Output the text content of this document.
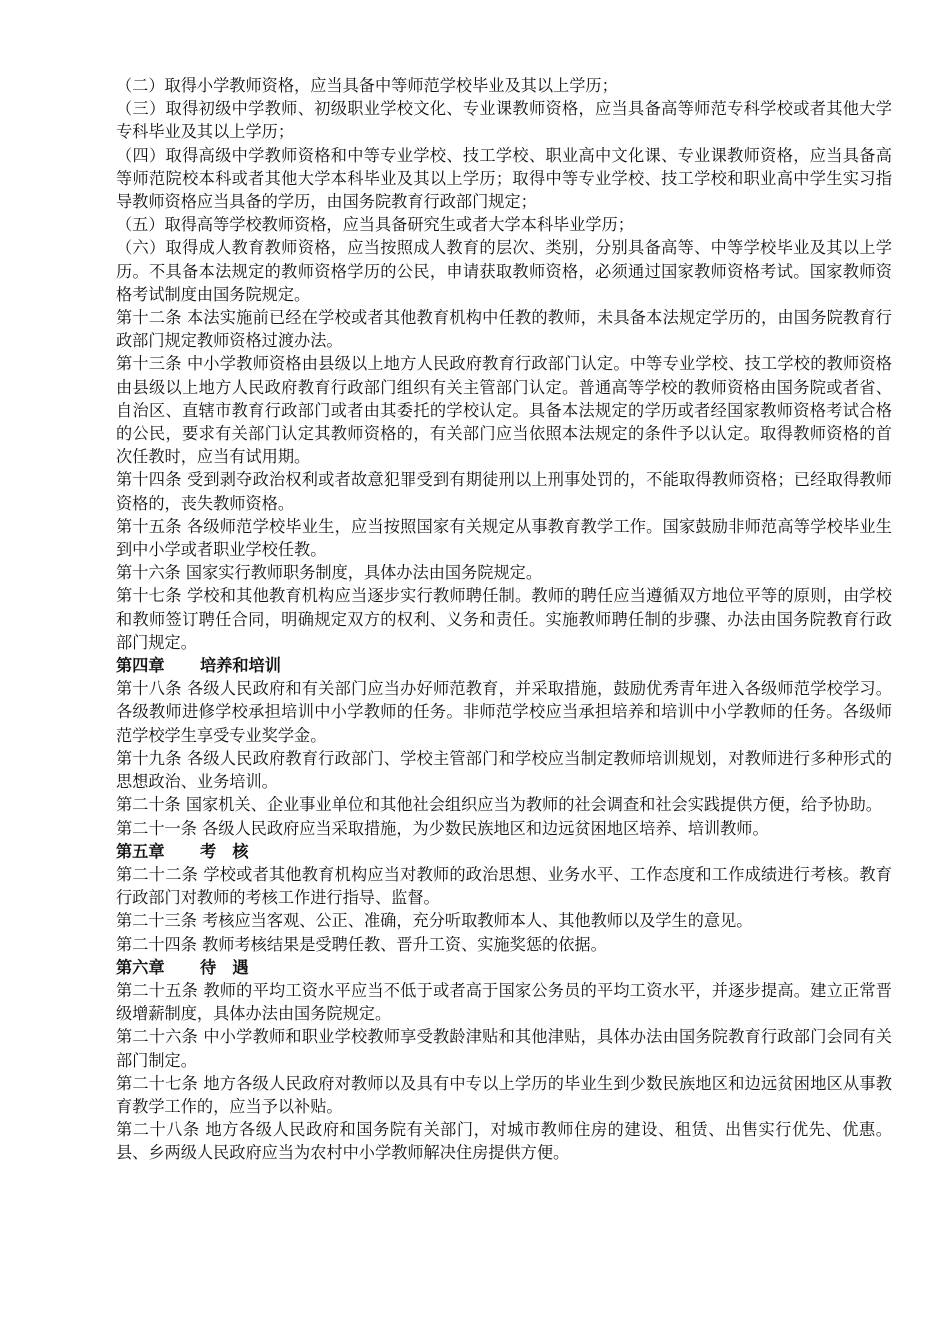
（二）取得小学教师资格，应当具备中等师范学校毕业及其以上学历；

（三）取得初级中学教师、初级职业学校文化、专业课教师资格，应当具备高等师范专科学校或者其他大学专科毕业及其以上学历；

（四）取得高级中学教师资格和中等专业学校、技工学校、职业高中文化课、专业课教师资格，应当具备高等师范院校本科或者其他大学本科毕业及其以上学历；取得中等专业学校、技工学校和职业高中学生实习指导教师资格应当具备的学历，由国务院教育行政部门规定；

（五）取得高等学校教师资格，应当具备研究生或者大学本科毕业学历；

（六）取得成人教育教师资格，应当按照成人教育的层次、类别，分别具备高等、中等学校毕业及其以上学历。不具备本法规定的教师资格学历的公民，申请获取教师资格，必须通过国家教师资格考试。国家教师资格考试制度由国务院规定。

第十二条 本法实施前已经在学校或者其他教育机构中任教的教师，未具备本法规定学历的，由国务院教育行政部门规定教师资格过渡办法。

第十三条 中小学教师资格由县级以上地方人民政府教育行政部门认定。中等专业学校、技工学校的教师资格由县级以上地方人民政府教育行政部门组织有关主管部门认定。普通高等学校的教师资格由国务院或者省、自治区、直辖市教育行政部门或者由其委托的学校认定。具备本法规定的学历或者经国家教师资格考试合格的公民，要求有关部门认定其教师资格的，有关部门应当依照本法规定的条件予以认定。取得教师资格的首次任教时，应当有试用期。

第十四条 受到剥夺政治权利或者故意犯罪受到有期徒刑以上刑事处罚的，不能取得教师资格；已经取得教师资格的，丧失教师资格。

第十五条 各级师范学校毕业生，应当按照国家有关规定从事教育教学工作。国家鼓励非师范高等学校毕业生到中小学或者职业学校任教。

第十六条 国家实行教师职务制度，具体办法由国务院规定。

第十七条 学校和其他教育机构应当逐步实行教师聘任制。教师的聘任应当遵循双方地位平等的原则，由学校和教师签订聘任合同，明确规定双方的权利、义务和责任。实施教师聘任制的步骤、办法由国务院教育行政部门规定。

第四章 培养和培训

第十八条 各级人民政府和有关部门应当办好师范教育，并采取措施，鼓励优秀青年进入各级师范学校学习。各级教师进修学校承担培训中小学教师的任务。非师范学校应当承担培养和培训中小学教师的任务。各级师范学校学生享受专业奖学金。

第十九条 各级人民政府教育行政部门、学校主管部门和学校应当制定教师培训规划，对教师进行多种形式的思想政治、业务培训。

第二十条 国家机关、企业事业单位和其他社会组织应当为教师的社会调查和社会实践提供方便，给予协助。

第二十一条 各级人民政府应当采取措施，为少数民族地区和边远贫困地区培养、培训教师。

第五章 考　核

第二十二条 学校或者其他教育机构应当对教师的政治思想、业务水平、工作态度和工作成绩进行考核。教育行政部门对教师的考核工作进行指导、监督。

第二十三条 考核应当客观、公正、准确，充分听取教师本人、其他教师以及学生的意见。

第二十四条 教师考核结果是受聘任教、晋升工资、实施奖惩的依据。

第六章 待　遇

第二十五条 教师的平均工资水平应当不低于或者高于国家公务员的平均工资水平，并逐步提高。建立正常晋级增薪制度，具体办法由国务院规定。

第二十六条 中小学教师和职业学校教师享受教龄津贴和其他津贴，具体办法由国务院教育行政部门会同有关部门制定。

第二十七条 地方各级人民政府对教师以及具有中专以上学历的毕业生到少数民族地区和边远贫困地区从事教育教学工作的，应当予以补贴。

第二十八条 地方各级人民政府和国务院有关部门，对城市教师住房的建设、租赁、出售实行优先、优惠。县、乡两级人民政府应当为农村中小学教师解决住房提供方便。
